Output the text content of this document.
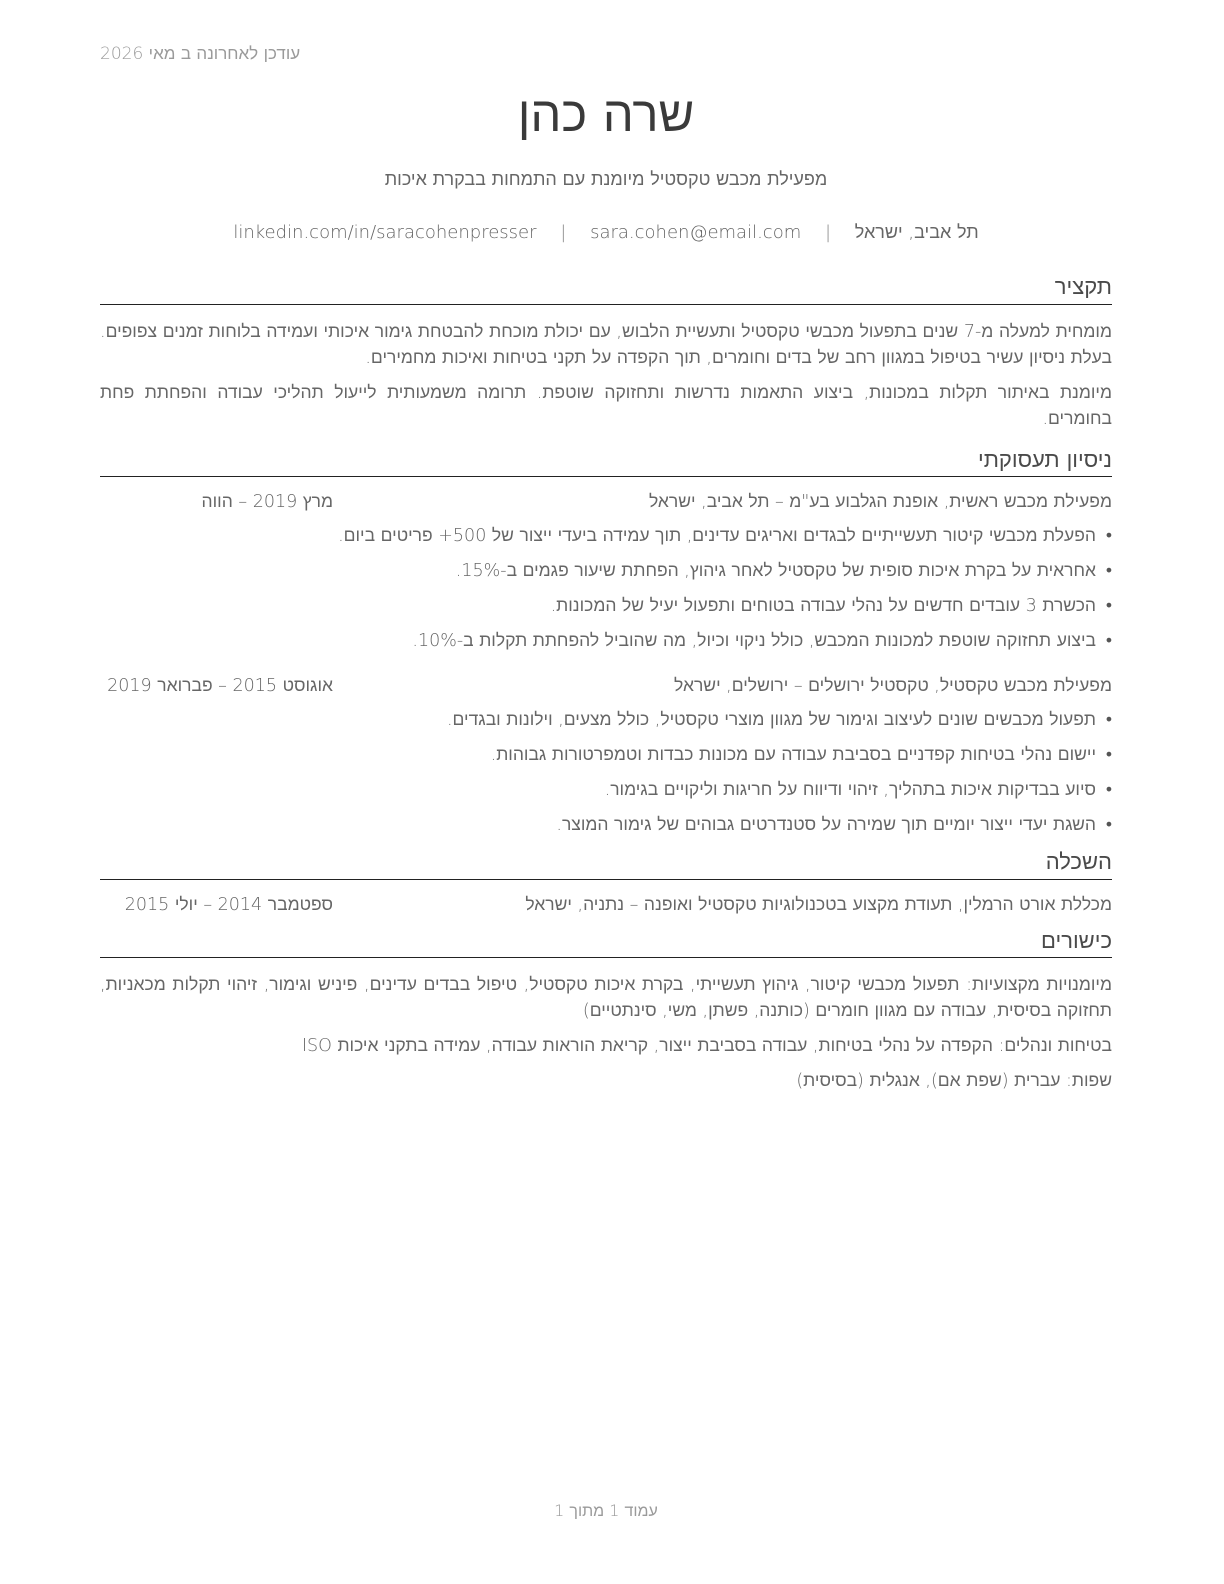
עודכן לאחרונה ב מאי 2026
שרה כהן
מפעילת מכבש טקסטיל מיומנת עם התמחות בבקרת איכות
תל אביב, ישראל | sara.cohen@email.com | linkedin.com/in/saracohenpresser
תקציר

מומחית למעלה מ-7 שנים בתפעול מכבשי טקסטיל ותעשיית הלבוש, עם יכולת מוכחת להבטחת גימור איכותי ועמידה בלוחות זמנים צפופים. בעלת ניסיון עשיר בטיפול במגוון רחב של בדים וחומרים, תוך הקפדה על תקני בטיחות ואיכות מחמירים.

מיומנת באיתור תקלות במכונות, ביצוע התאמות נדרשות ותחזוקה שוטפת. תרומה משמעותית לייעול תהליכי עבודה והפחתת פחת בחומרים.

ניסיון תעסוקתי
מפעילת מכבש ראשית, אופנת הגלבוע בע"מ – תל אביב, ישראל
מרץ 2019 – הווה
•
הפעלת מכבשי קיטור תעשייתיים לבגדים ואריגים עדינים, תוך עמידה ביעדי ייצור של 500+ פריטים ביום.
•
אחראית על בקרת איכות סופית של טקסטיל לאחר גיהוץ, הפחתת שיעור פגמים ב-15%.
•
הכשרת 3 עובדים חדשים על נהלי עבודה בטוחים ותפעול יעיל של המכונות.
•
ביצוע תחזוקה שוטפת למכונות המכבש, כולל ניקוי וכיול, מה שהוביל להפחתת תקלות ב-10%.
מפעילת מכבש טקסטיל, טקסטיל ירושלים – ירושלים, ישראל
אוגוסט 2015 – פברואר 2019
•
תפעול מכבשים שונים לעיצוב וגימור של מגוון מוצרי טקסטיל, כולל מצעים, וילונות ובגדים.
•
יישום נהלי בטיחות קפדניים בסביבת עבודה עם מכונות כבדות וטמפרטורות גבוהות.
•
סיוע בבדיקות איכות בתהליך, זיהוי ודיווח על חריגות וליקויים בגימור.
•
השגת יעדי ייצור יומיים תוך שמירה על סטנדרטים גבוהים של גימור המוצר.
השכלה
מכללת אורט הרמלין, תעודת מקצוע בטכנולוגיות טקסטיל ואופנה – נתניה, ישראל
ספטמבר 2014 – יולי 2015
כישורים

מיומנויות מקצועיות: תפעול מכבשי קיטור, גיהוץ תעשייתי, בקרת איכות טקסטיל, טיפול בבדים עדינים, פיניש וגימור, זיהוי תקלות מכאניות, תחזוקה בסיסית, עבודה עם מגוון חומרים (כותנה, פשתן, משי, סינתטיים)

בטיחות ונהלים: הקפדה על נהלי בטיחות, עבודה בסביבת ייצור, קריאת הוראות עבודה, עמידה בתקני איכות ISO

שפות: עברית (שפת אם), אנגלית (בסיסית)

עמוד 1 מתוך 1
